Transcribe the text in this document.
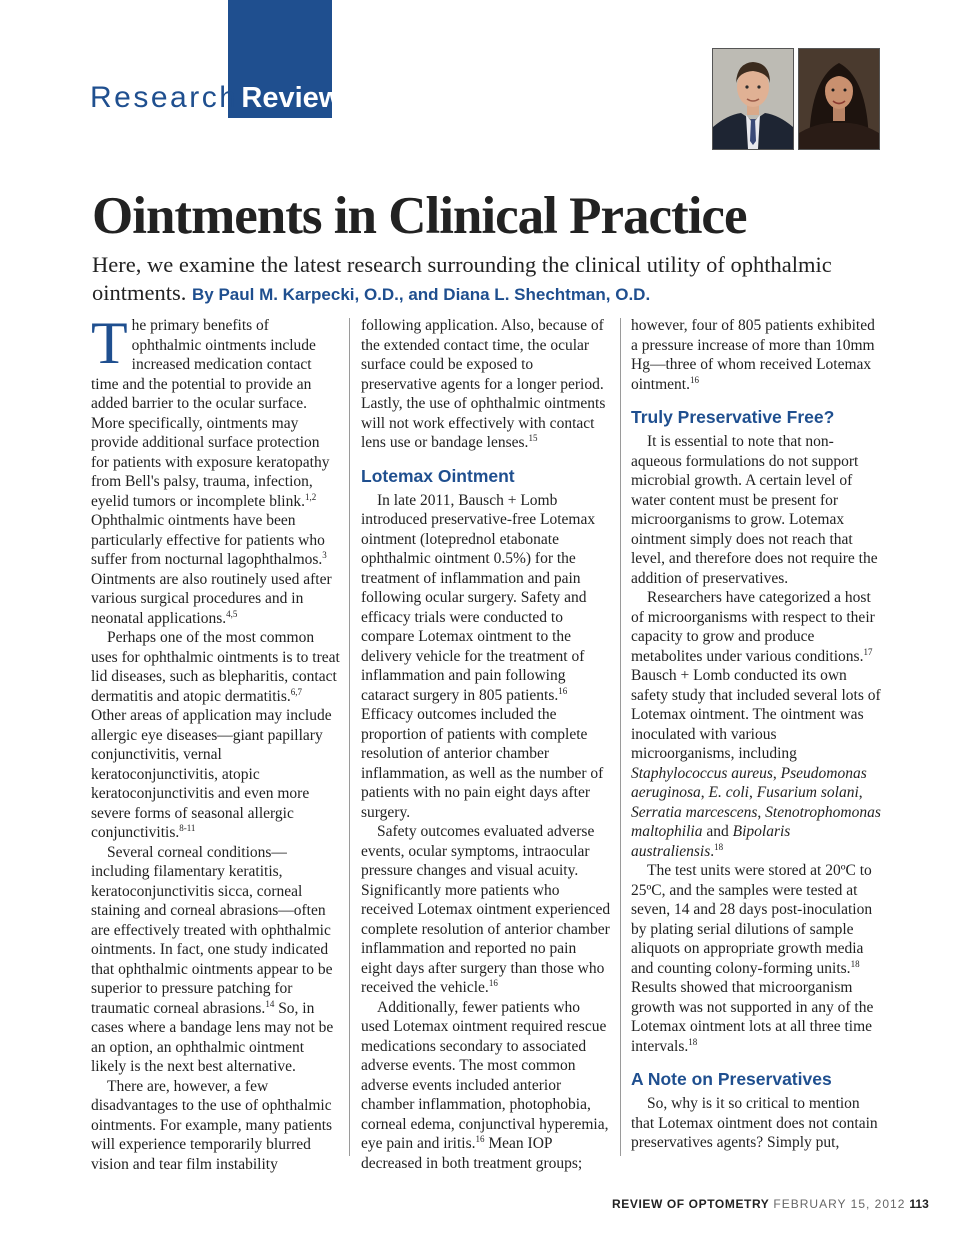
Research Review
Ointments in Clinical Practice
Here, we examine the latest research surrounding the clinical utility of ophthalmic ointments. By Paul M. Karpecki, O.D., and Diana L. Shechtman, O.D.

The primary benefits of ophthalmic ointments include increased medication contact time and the potential to provide an added barrier to the ocular surface. More specifically, ointments may provide additional surface protection for patients with exposure keratopathy from Bell's palsy, trauma, infection, eyelid tumors or incomplete blink.$^{1,2}$ Ophthalmic ointments have been particularly effective for patients who suffer from nocturnal lagophthalmos.$^3$ Ointments are also routinely used after various surgical procedures and in neonatal applications.$^{4,5}$

Perhaps one of the most common uses for ophthalmic ointments is to treat lid diseases, such as blepharitis, contact dermatitis and atopic dermatitis.$^{6,7}$ Other areas of application may include allergic eye diseases—giant papillary conjunctivitis, vernal keratoconjunctivitis, atopic keratoconjunctivitis and even more severe forms of seasonal allergic conjunctivitis.$^{8-11}$

Several corneal conditions—including filamentary keratitis, keratoconjunctivitis sicca, corneal staining and corneal abrasions—often are effectively treated with ophthalmic ointments. In fact, one study indicated that ophthalmic ointments appear to be superior to pressure patching for traumatic corneal abrasions.$^{14}$ So, in cases where a bandage lens may not be an option, an ophthalmic ointment likely is the next best alternative.

There are, however, a few disadvantages to the use of ophthalmic ointments. For example, many patients will experience temporarily blurred vision and tear film instability

following application. Also, because of the extended contact time, the ocular surface could be exposed to preservative agents for a longer period. Lastly, the use of ophthalmic ointments will not work effectively with contact lens use or bandage lenses.$^{15}$

Lotemax Ointment

In late 2011, Bausch + Lomb introduced preservative-free Lotemax ointment (loteprednol etabonate ophthalmic ointment 0.5%) for the treatment of inflammation and pain following ocular surgery. Safety and efficacy trials were conducted to compare Lotemax ointment to the delivery vehicle for the treatment of inflammation and pain following cataract surgery in 805 patients.$^{16}$ Efficacy outcomes included the proportion of patients with complete resolution of anterior chamber inflammation, as well as the number of patients with no pain eight days after surgery.

Safety outcomes evaluated adverse events, ocular symptoms, intraocular pressure changes and visual acuity. Significantly more patients who received Lotemax ointment experienced complete resolution of anterior chamber inflammation and reported no pain eight days after surgery than those who received the vehicle.$^{16}$

Additionally, fewer patients who used Lotemax ointment required rescue medications secondary to associated adverse events. The most common adverse events included anterior chamber inflammation, photophobia, corneal edema, conjunctival hyperemia, eye pain and iritis.$^{16}$ Mean IOP decreased in both treatment groups;

however, four of 805 patients exhibited a pressure increase of more than 10mm Hg—three of whom received Lotemax ointment.$^{16}$

Truly Preservative Free?

It is essential to note that non-aqueous formulations do not support microbial growth. A certain level of water content must be present for microorganisms to grow. Lotemax ointment simply does not reach that level, and therefore does not require the addition of preservatives.

Researchers have categorized a host of microorganisms with respect to their capacity to grow and produce metabolites under various conditions.$^{17}$ Bausch + Lomb conducted its own safety study that included several lots of Lotemax ointment. The ointment was inoculated with various microorganisms, including Staphylococcus aureus, Pseudomonas aeruginosa, E. coli, Fusarium solani, Serratia marcescens, Stenotrophomonas maltophilia and Bipolaris australiensis.$^{18}$

The test units were stored at 20ºC to 25ºC, and the samples were tested at seven, 14 and 28 days post-inoculation by plating serial dilutions of sample aliquots on appropriate growth media and counting colony-forming units.$^{18}$ Results showed that microorganism growth was not supported in any of the Lotemax ointment lots at all three time intervals.$^{18}$

A Note on Preservatives

So, why is it so critical to mention that Lotemax ointment does not contain preservatives agents? Simply put,

REVIEW OF OPTOMETRY FEBRUARY 15, 2012 113
